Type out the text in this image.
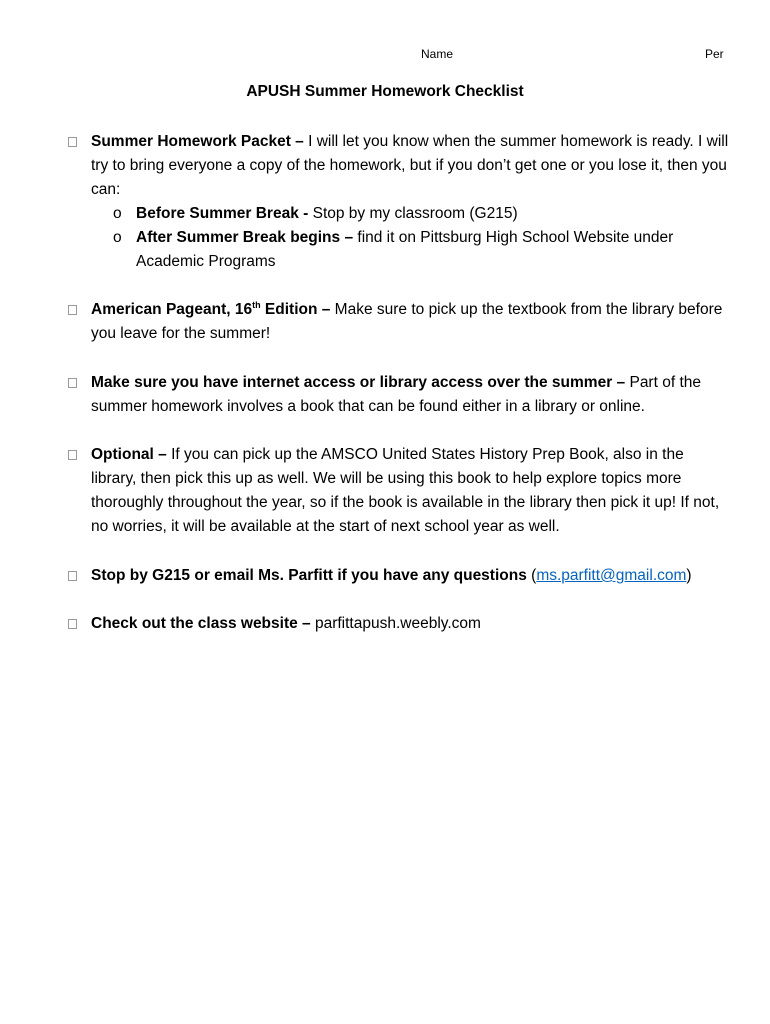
Name	Per
APUSH Summer Homework Checklist
Summer Homework Packet – I will let you know when the summer homework is ready. I will try to bring everyone a copy of the homework, but if you don’t get one or you lose it, then you can:
o Before Summer Break - Stop by my classroom (G215)
o After Summer Break begins – find it on Pittsburg High School Website under Academic Programs
American Pageant, 16th Edition – Make sure to pick up the textbook from the library before you leave for the summer!
Make sure you have internet access or library access over the summer – Part of the summer homework involves a book that can be found either in a library or online.
Optional – If you can pick up the AMSCO United States History Prep Book, also in the library, then pick this up as well. We will be using this book to help explore topics more thoroughly throughout the year, so if the book is available in the library then pick it up! If not, no worries, it will be available at the start of next school year as well.
Stop by G215 or email Ms. Parfitt if you have any questions (ms.parfitt@gmail.com)
Check out the class website – parfittapush.weebly.com
